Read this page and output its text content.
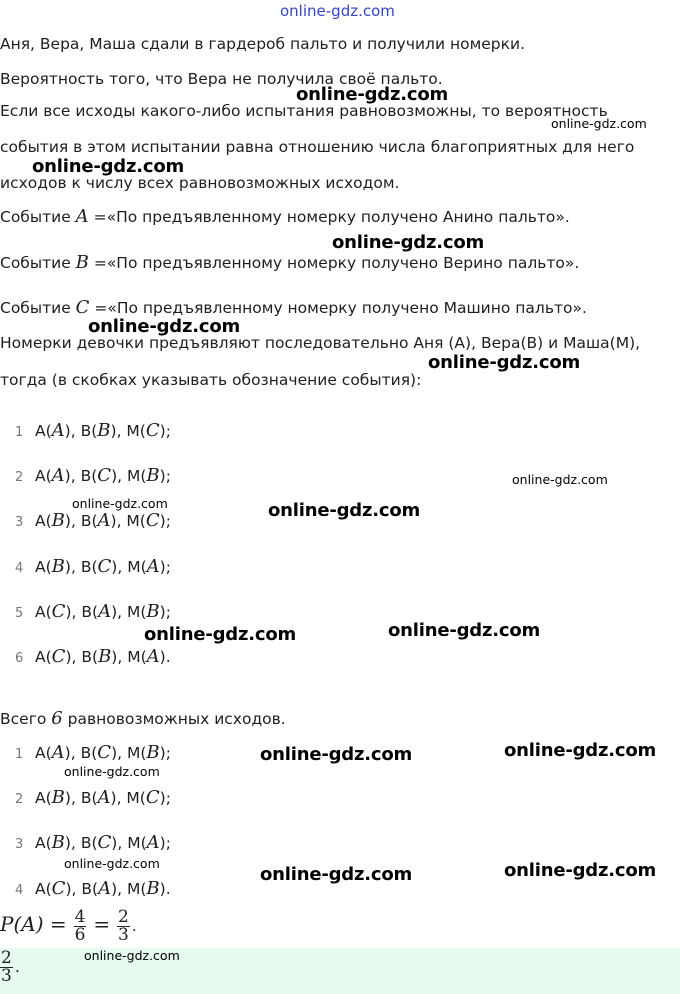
online-gdz.com
Аня, Вера, Маша сдали в гардероб пальто и получили номерки.
Вероятность того, что Вера не получила своё пальто.
Если все исходы какого-либо испытания равновозможны, то вероятность
события в этом испытании равна отношению числа благоприятных для него
исходов к числу всех равновозможных исходом.
Событие A =«По предъявленному номерку получено Анино пальто».
Событие B =«По предъявленному номерку получено Верино пальто».
Событие C =«По предъявленному номерку получено Машино пальто».
Номерки девочки предъявляют последовательно Аня (А), Вера(В) и Маша(М),
тогда (в скобках указывать обозначение события):
1 А(A), В(B), М(C);
2 А(A), В(C), М(B);
3 А(B), В(A), М(C);
4 А(B), В(C), М(A);
5 А(C), В(A), М(B);
6 А(C), В(B), М(A).
Всего 6 равновозможных исходов.
1 А(A), В(C), М(B);
2 А(B), В(A), М(C);
3 А(B), В(C), М(A);
4 А(C), В(A), М(B).
$P(A) = \frac{4}{6} = \frac{2}{3}$ .
$\frac{2}{3}$ .
online-gdz.com
online-gdz.com
online-gdz.com
online-gdz.com
online-gdz.com
online-gdz.com
online-gdz.com
online-gdz.com	online-gdz.com
online-gdz.com	online-gdz.com
online-gdz.com	online-gdz.com
online-gdz.com
online-gdz.com
online-gdz.com	online-gdz.com
online-gdz.com
